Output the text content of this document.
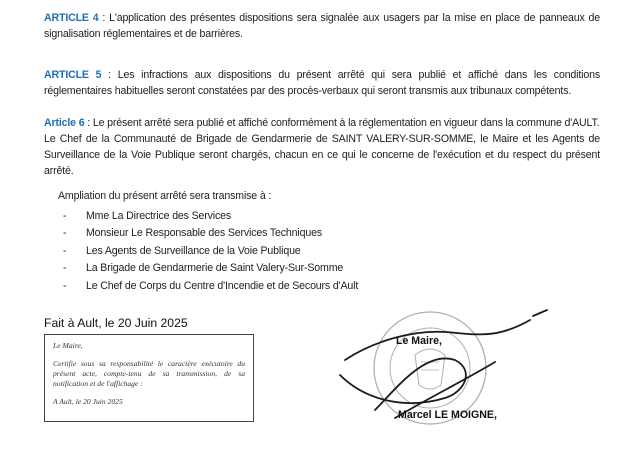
ARTICLE 4 : L'application des présentes dispositions sera signalée aux usagers par la mise en place de panneaux de signalisation réglementaires et de barrières.

ARTICLE 5 : Les infractions aux dispositions du présent arrêté qui sera publié et affiché dans les conditions réglementaires habituelles seront constatées par des procès-verbaux qui seront transmis aux tribunaux compétents.

Article 6 : Le présent arrêté sera publié et affiché conformément à la réglementation en vigueur dans la commune d'AULT.

Le Chef de la Communauté de Brigade de Gendarmerie de SAINT VALERY-SUR-SOMME, le Maire et les Agents de Surveillance de la Voie Publique seront chargés, chacun en ce qui le concerne de l'exécution et du respect du présent arrêté.

Ampliation du présent arrêté sera transmise à :
- Mme La Directrice des Services
- Monsieur Le Responsable des Services Techniques
- Les Agents de Surveillance de la Voie Publique
- La Brigade de Gendarmerie de Saint Valery-Sur-Somme
- Le Chef de Corps du Centre d'Incendie et de Secours d'Ault
Fait à Ault, le 20 Juin 2025
Le Maire,
Certifie sous sa responsabilité le caractère exécutoire du présent acte, compte-tenu de sa transmission, de sa notification et de l'affichage :
A Ault, le 20 Juin 2025
Le Maire,
Marcel LE MOIGNE,
